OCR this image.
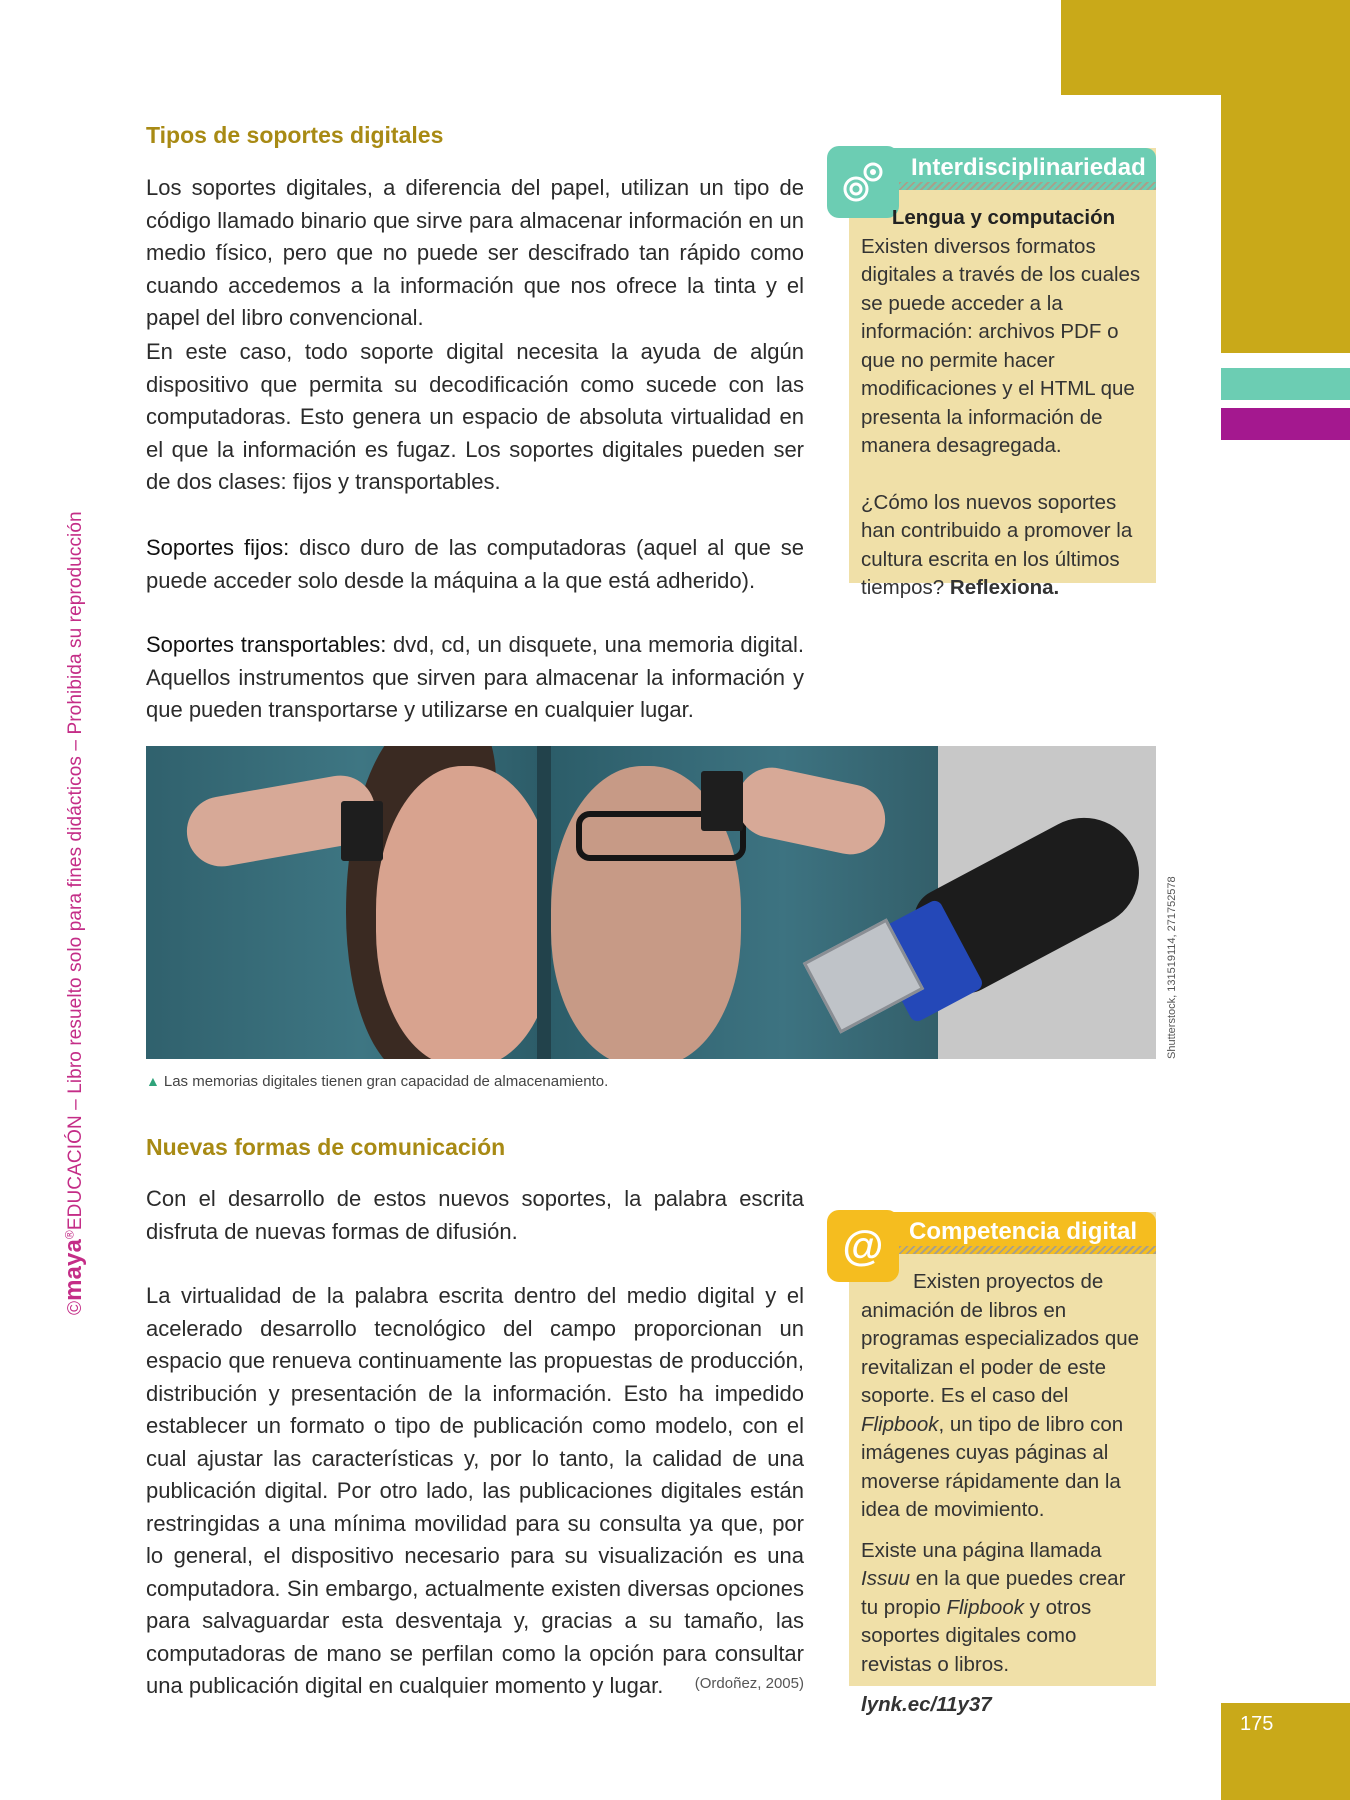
©maya®EDUCACIÓN – Libro resuelto solo para fines didácticos – Prohibida su reproducción
Tipos de soportes digitales

Los soportes digitales, a diferencia del papel, utilizan un tipo de código llamado binario que sirve para almacenar información en un medio físico, pero que no puede ser descifrado tan rápido como cuando accedemos a la información que nos ofrece la tinta y el papel del libro convencional.

En este caso, todo soporte digital necesita la ayuda de algún dispositivo que permita su decodificación como sucede con las computadoras. Esto genera un espacio de absoluta virtualidad en el que la información es fugaz. Los soportes digitales pueden ser de dos clases: fijos y transportables.

Soportes fijos: disco duro de las computadoras (aquel al que se puede acceder solo desde la máquina a la que está adherido).

Soportes transportables: dvd, cd, un disquete, una memoria digital. Aquellos instrumentos que sirven para almacenar la información y que pueden transportarse y utilizarse en cualquier lugar.

Shutterstock, 131519114, 271752578
▲ Las memorias digitales tienen gran capacidad de almacenamiento.
Nuevas formas de comunicación

Con el desarrollo de estos nuevos soportes, la palabra escrita disfruta de nuevas formas de difusión.

La virtualidad de la palabra escrita dentro del medio digital y el acelerado desarrollo tecnológico del campo proporcionan un espacio que renueva continuamente las propuestas de producción, distribución y presentación de la información. Esto ha impedido establecer un formato o tipo de publicación como modelo, con el cual ajustar las características y, por lo tanto, la calidad de una publicación digital. Por otro lado, las publicaciones digitales están restringidas a una mínima movilidad para su consulta ya que, por lo general, el dispositivo necesario para su visualización es una computadora. Sin embargo, actualmente existen diversas opciones para salvaguardar esta desventaja y, gracias a su tamaño, las computadoras de mano se perfilan como la opción para consultar una publicación digital en cualquier momento y lugar.	(Ordoñez, 2005)
Interdisciplinariedad

Lengua y computación

Existen diversos formatos digitales a través de los cuales se puede acceder a la información: archivos PDF o que no permite hacer modificaciones y el HTML que presenta la información de manera desagregada.

¿Cómo los nuevos soportes han contribuido a promover la cultura escrita en los últimos tiempos? Reflexiona.

@	Competencia digital

Existen proyectos de animación de libros en programas especializados que revitalizan el poder de este soporte. Es el caso del Flipbook, un tipo de libro con imágenes cuyas páginas al moverse rápidamente dan la idea de movimiento.

Existe una página llamada Issuu en la que puedes crear tu propio Flipbook y otros soportes digitales como revistas o libros.

lynk.ec/11y37

175
